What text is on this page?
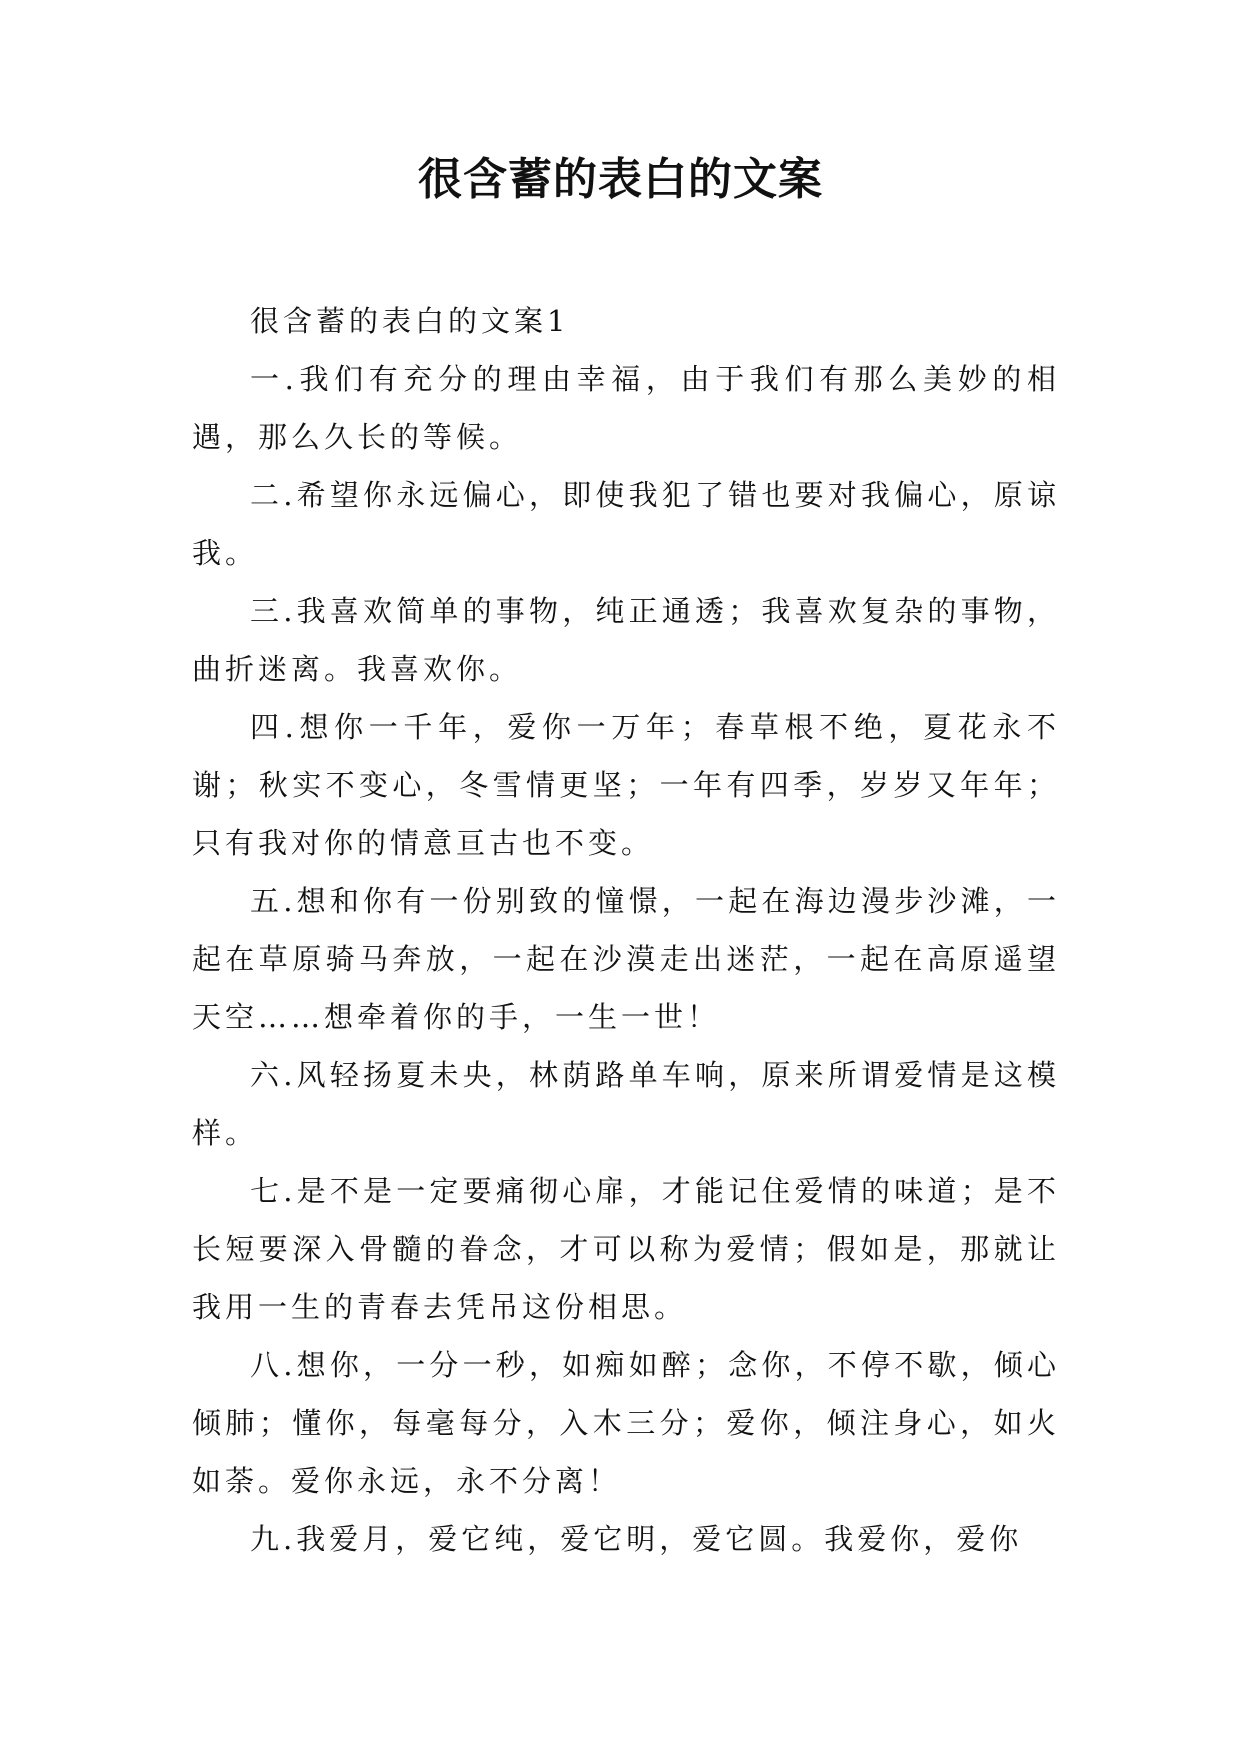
很含蓄的表白的文案

很含蓄的表白的文案1

一.我们有充分的理由幸福，由于我们有那么美妙的相遇，那么久长的等候。

二.希望你永远偏心，即使我犯了错也要对我偏心，原谅我。

三.我喜欢简单的事物，纯正通透；我喜欢复杂的事物，曲折迷离。我喜欢你。

四.想你一千年，爱你一万年；春草根不绝，夏花永不谢；秋实不变心，冬雪情更坚；一年有四季，岁岁又年年；只有我对你的情意亘古也不变。

五.想和你有一份别致的憧憬，一起在海边漫步沙滩，一起在草原骑马奔放，一起在沙漠走出迷茫，一起在高原遥望天空……想牵着你的手，一生一世！

六.风轻扬夏未央，林荫路单车响，原来所谓爱情是这模样。

七.是不是一定要痛彻心扉，才能记住爱情的味道；是不长短要深入骨髓的眷念，才可以称为爱情；假如是，那就让我用一生的青春去凭吊这份相思。

八.想你，一分一秒，如痴如醉；念你，不停不歇，倾心倾肺；懂你，每毫每分，入木三分；爱你，倾注身心，如火如荼。爱你永远，永不分离！

九.我爱月，爱它纯，爱它明，爱它圆。我爱你，爱你
